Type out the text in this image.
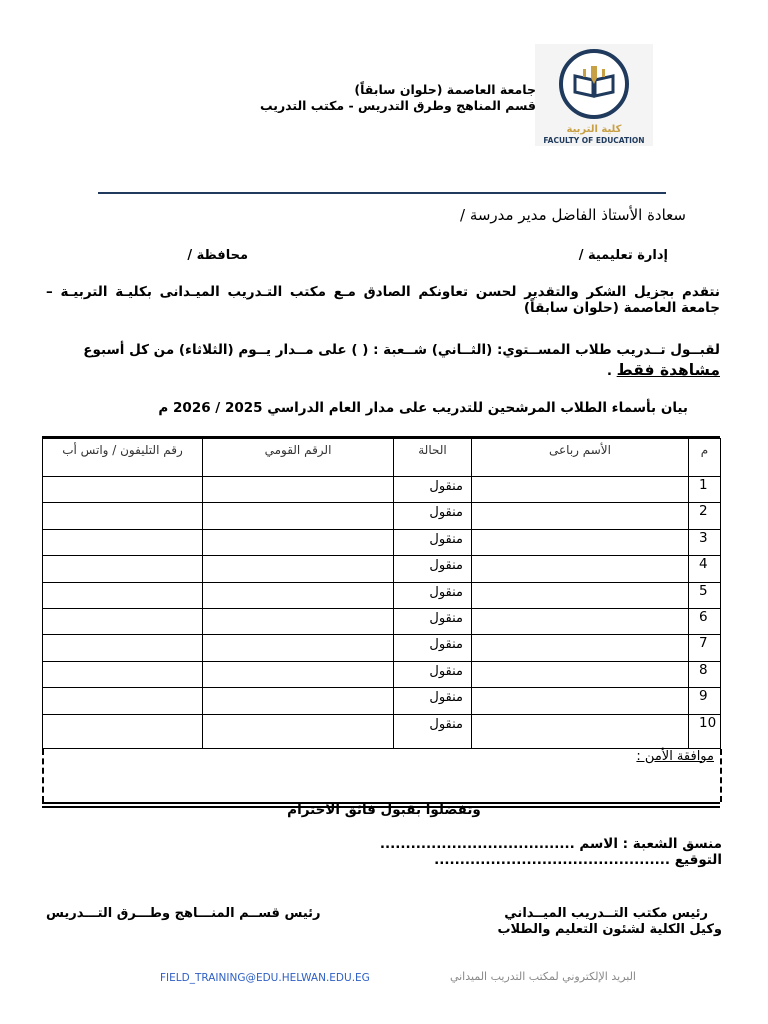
كلية التربية
FACULTY OF EDUCATION
جامعة العاصمة (حلوان سابقاً)
قسم المناهج وطرق التدريس - مكتب التدريب
سعادة الأستاذ الفاضل مدير مدرسة /
إدارة تعليمية /
محافظة /
نتقدم بجزيل الشكر والتقدير لحسن تعاونكم الصادق مـع مكتب التـدريب الميـدانى بكليـة التربيـة – جامعة العاصمة (حلوان سابقاً)
لقبــول تــدريب طلاب المســتوي: (الثــاني) شــعبة : ( ) على مــدار يــوم (الثلاثاء) من كل أسبوع مشاهدة فقط .
بيان بأسماء الطلاب المرشحين للتدريب على مدار العام الدراسي 2025 / 2026 م
م	الأسم رباعى	الحالة	الرقم القومي	رقم التليفون / واتس أب
1		منقول		
2		منقول		
3		منقول		
4		منقول		
5		منقول		
6		منقول		
7		منقول		
8		منقول		
9		منقول		
10		منقول		
موافقة الأمن :
وتفضلوا بقبول فائق الاحترام
منسق الشعبة : الاسم ......................................
التوقيع ..............................................
رئيس مكتب التــدريب الميــداني
وكيل الكلية لشئون التعليم والطلاب
رئيس قســم المنـــاهج وطـــرق التـــدريس
البريد الإلكتروني لمكتب التدريب الميداني
FIELD_TRAINING@EDU.HELWAN.EDU.EG
